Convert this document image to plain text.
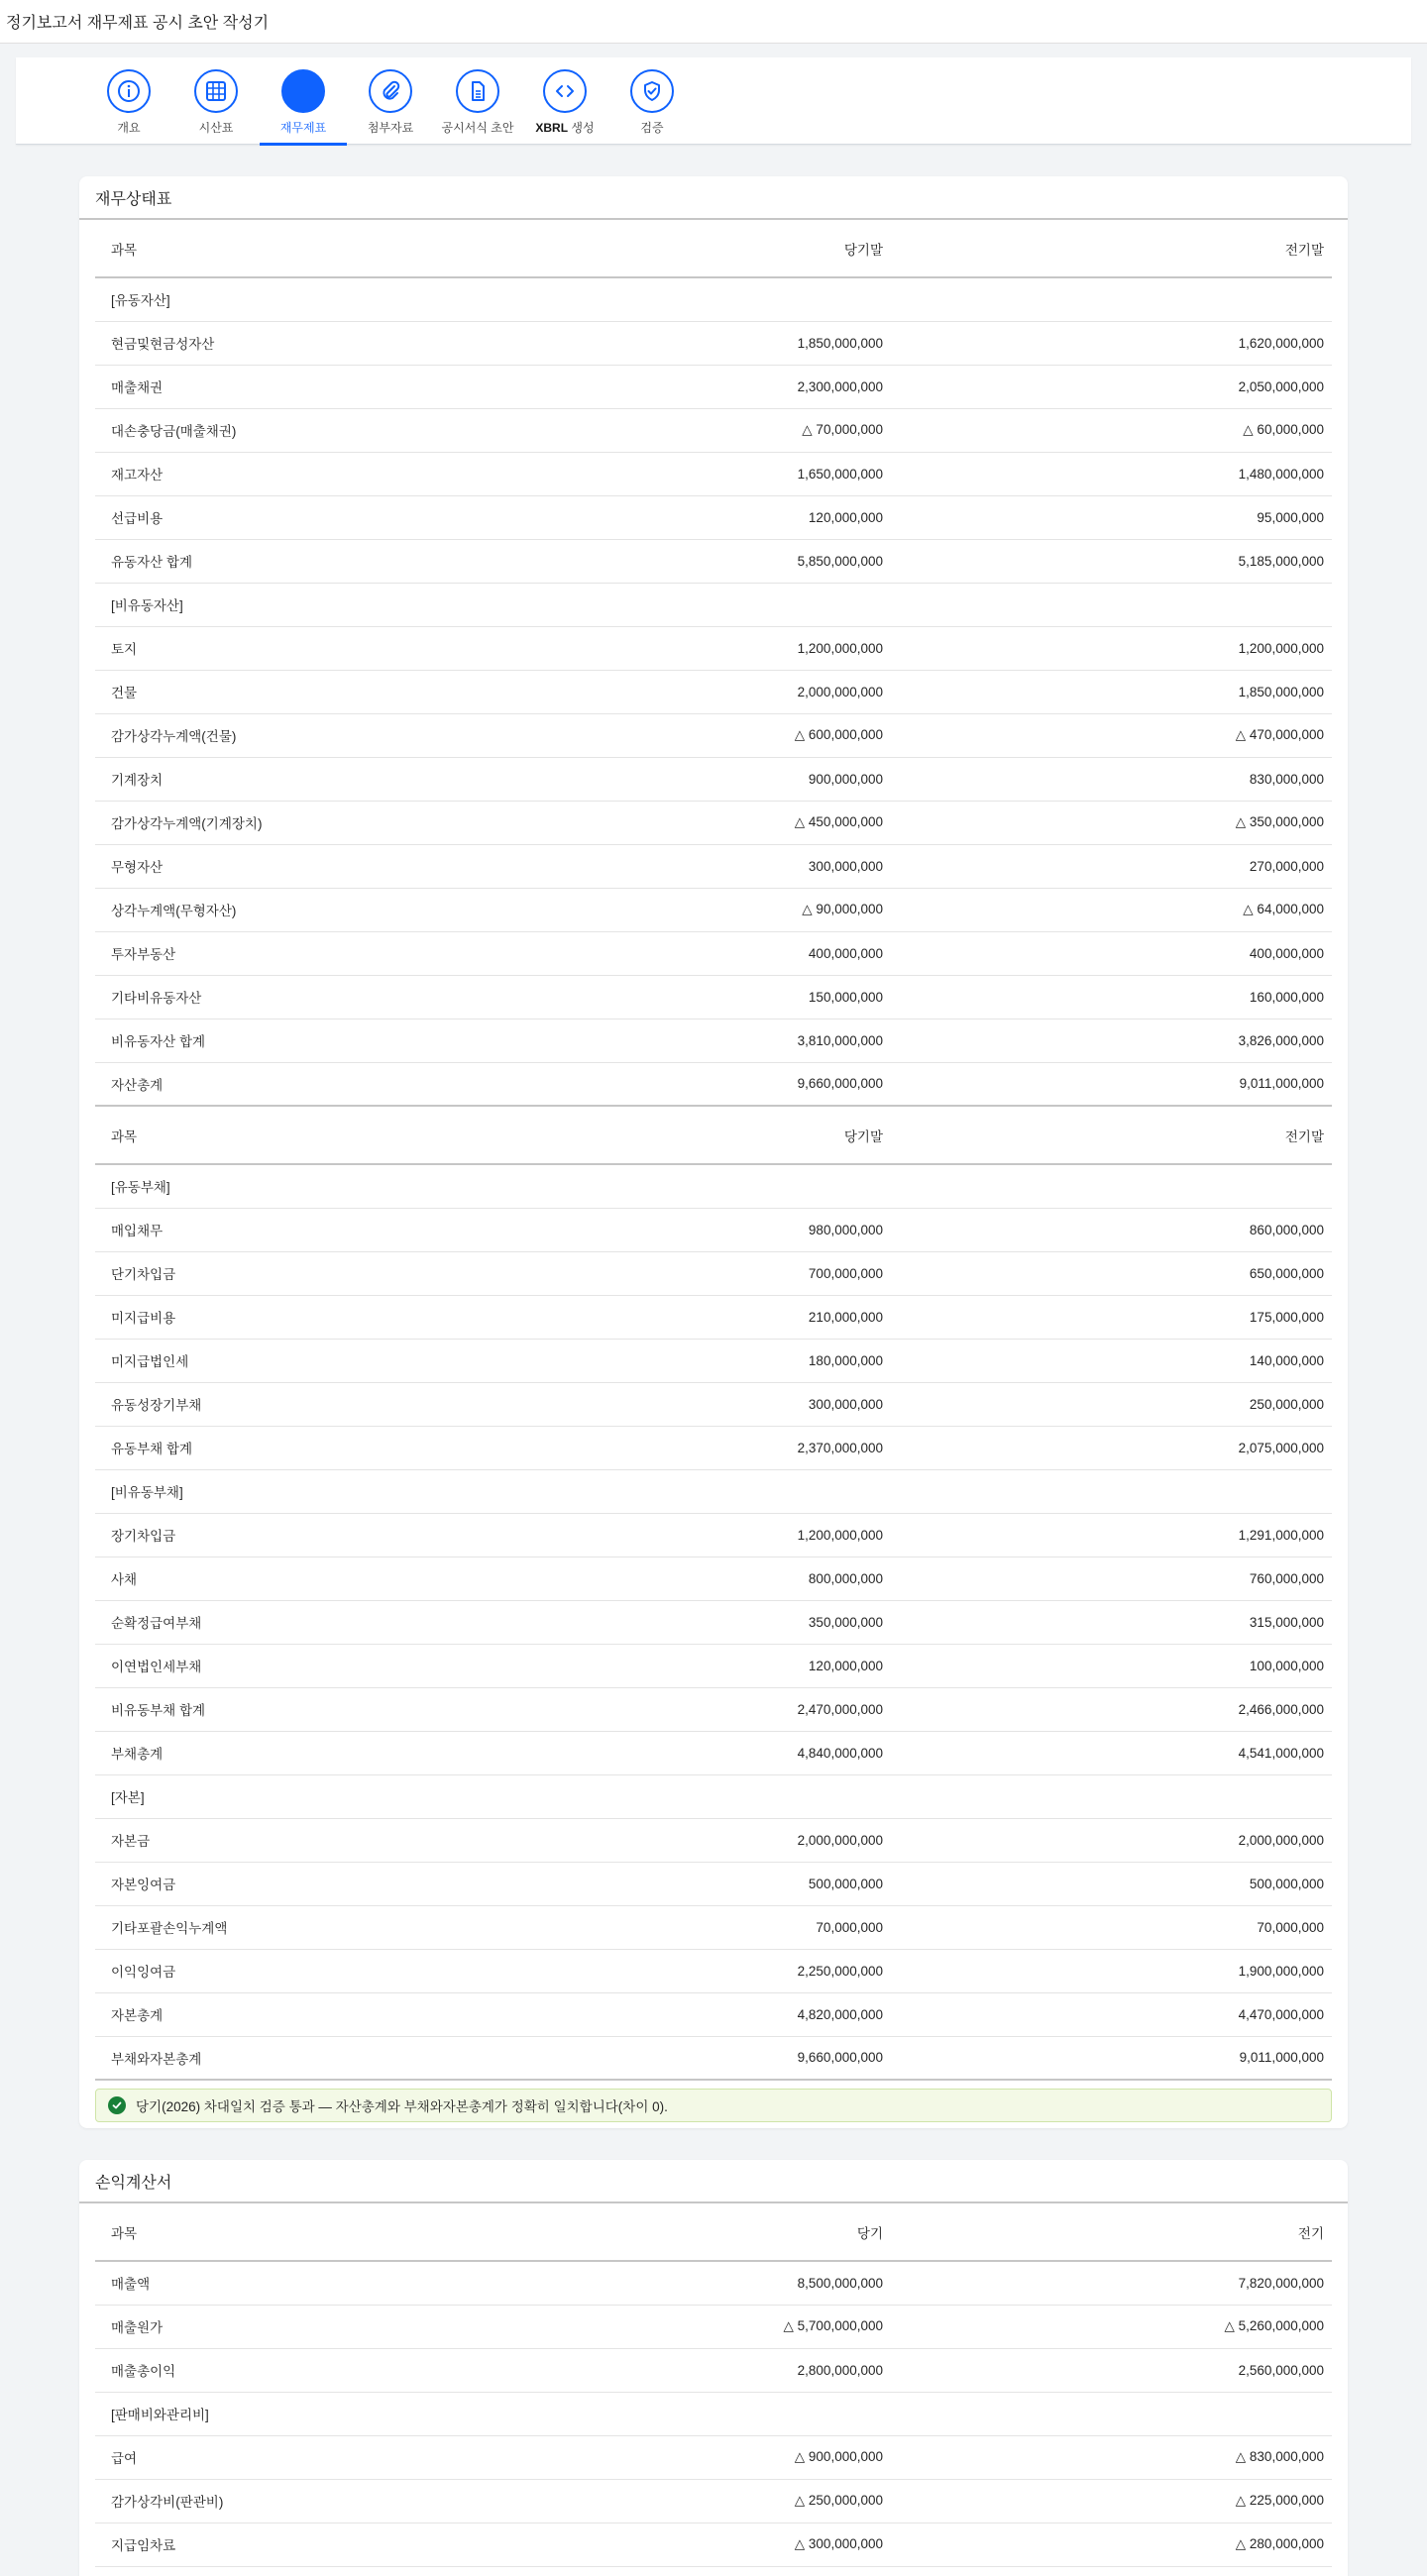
정기보고서 재무제표 공시 초안 작성기
개요	시산표	재무제표	첨부자료 공시서식 초안 XBRL 생성	검증
재무상태표
과목	당기말	전기말
[유동자산]		
현금및현금성자산	1,850,000,000	1,620,000,000
매출채권	2,300,000,000	2,050,000,000
대손충당금(매출채권)	△ 70,000,000	△ 60,000,000
재고자산	1,650,000,000	1,480,000,000
선급비용	120,000,000	95,000,000
유동자산 합계	5,850,000,000	5,185,000,000
[비유동자산]		
토지	1,200,000,000	1,200,000,000
건물	2,000,000,000	1,850,000,000
감가상각누계액(건물)	△ 600,000,000	△ 470,000,000
기계장치	900,000,000	830,000,000
감가상각누계액(기계장치)	△ 450,000,000	△ 350,000,000
무형자산	300,000,000	270,000,000
상각누계액(무형자산)	△ 90,000,000	△ 64,000,000
투자부동산	400,000,000	400,000,000
기타비유동자산	150,000,000	160,000,000
비유동자산 합계	3,810,000,000	3,826,000,000
자산총계	9,660,000,000	9,011,000,000
과목	당기말	전기말
[유동부채]		
매입채무	980,000,000	860,000,000
단기차입금	700,000,000	650,000,000
미지급비용	210,000,000	175,000,000
미지급법인세	180,000,000	140,000,000
유동성장기부채	300,000,000	250,000,000
유동부채 합계	2,370,000,000	2,075,000,000
[비유동부채]		
장기차입금	1,200,000,000	1,291,000,000
사채	800,000,000	760,000,000
순확정급여부채	350,000,000	315,000,000
이연법인세부채	120,000,000	100,000,000
비유동부채 합계	2,470,000,000	2,466,000,000
부채총계	4,840,000,000	4,541,000,000
[자본]		
자본금	2,000,000,000	2,000,000,000
자본잉여금	500,000,000	500,000,000
기타포괄손익누계액	70,000,000	70,000,000
이익잉여금	2,250,000,000	1,900,000,000
자본총계	4,820,000,000	4,470,000,000
부채와자본총계	9,660,000,000	9,011,000,000
당기(2026) 차대일치 검증 통과 — 자산총계와 부채와자본총계가 정확히 일치합니다(차이 0).
손익계산서
과목	당기	전기
매출액	8,500,000,000	7,820,000,000
매출원가	△ 5,700,000,000	△ 5,260,000,000
매출총이익	2,800,000,000	2,560,000,000
[판매비와관리비]		
급여	△ 900,000,000	△ 830,000,000
감가상각비(판관비)	△ 250,000,000	△ 225,000,000
지급임차료	△ 300,000,000	△ 280,000,000
